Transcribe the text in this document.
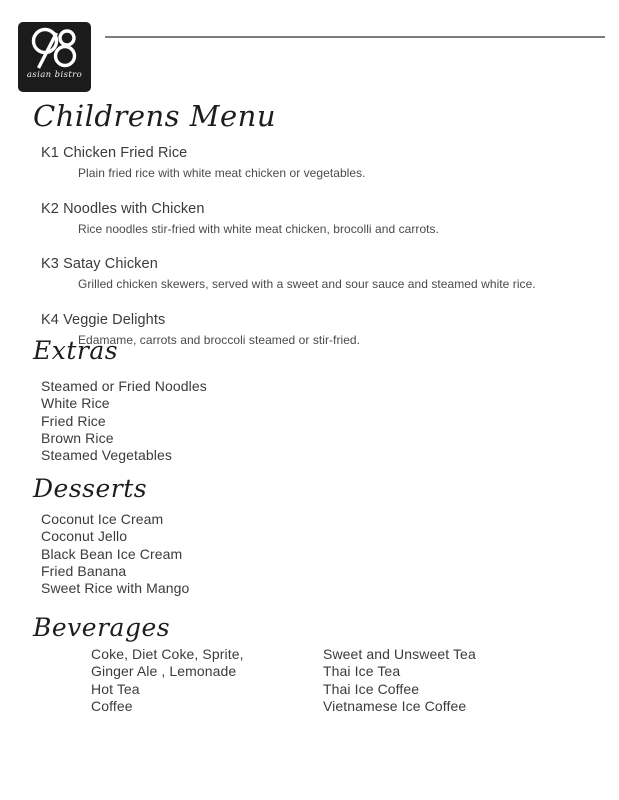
asian bistro
Childrens Menu
K1 Chicken Fried Rice
Plain fried rice with white meat chicken or vegetables.
K2 Noodles with Chicken
Rice noodles stir-fried with white meat chicken, brocolli and carrots.
K3 Satay Chicken
Grilled chicken skewers, served with a sweet and sour sauce and steamed white rice.
K4 Veggie Delights
Edamame, carrots and broccoli steamed or stir-fried.
Extras
Steamed or Fried Noodles
White Rice
Fried Rice
Brown Rice
Steamed Vegetables
Desserts
Coconut Ice Cream
Coconut Jello
Black Bean Ice Cream
Fried Banana
Sweet Rice with Mango
Beverages
Coke, Diet Coke, Sprite,
Ginger Ale , Lemonade
Hot Tea
Coffee
Sweet and Unsweet Tea
Thai Ice Tea
Thai Ice Coffee
Vietnamese Ice Coffee
